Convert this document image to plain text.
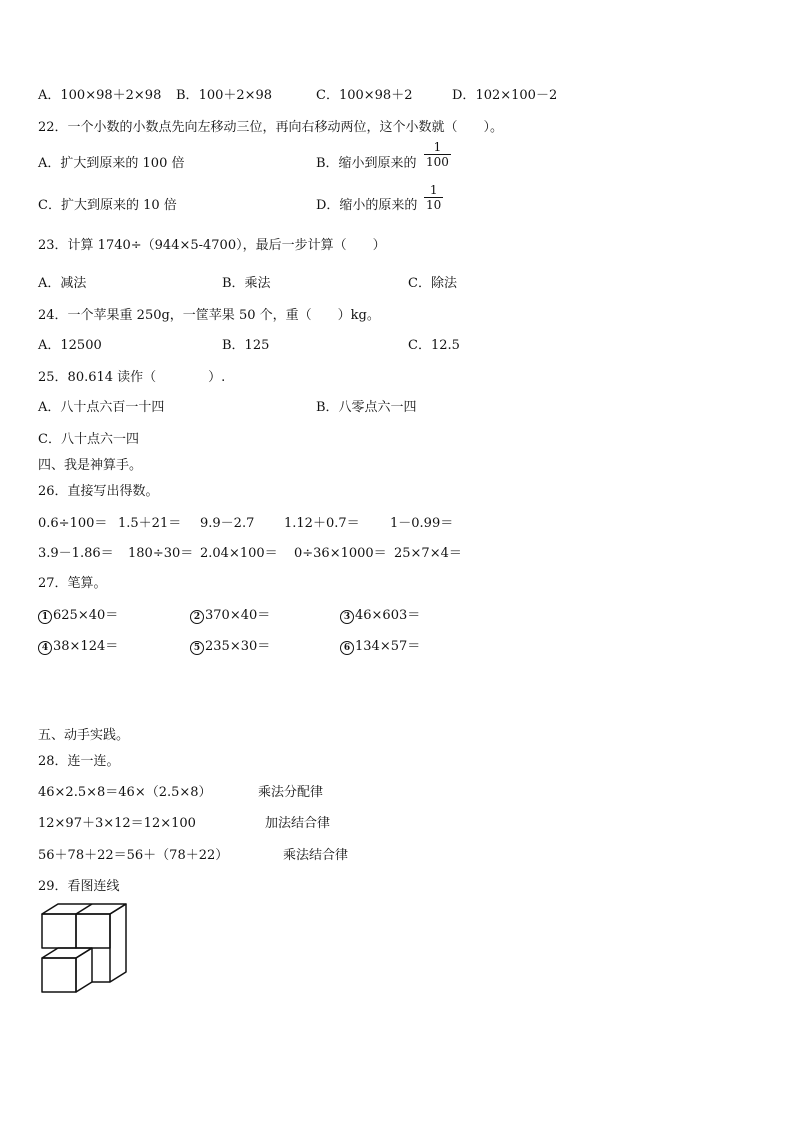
A．100×98＋2×98 B．100＋2×98	C．100×98＋2	D．102×100－2
22．一个小数的小数点先向左移动三位，再向右移动两位，这个小数就（　　）。
A．扩大到原来的 100 倍	B．缩小到原来的
1
100
C．扩大到原来的 10 倍	D．缩小的原来的
1
10
23．计算 1740÷（944×5-4700），最后一步计算（　　）
A．减法	B．乘法	C．除法
24．一个苹果重 250g，一筐苹果 50 个，重（　　）kg。
A．12500	B．125	C．12.5
25．80.614 读作（　　　　）.
A．八十点六百一十四	B．八零点六一四
C．八十点六一四
四、我是神算手。
26．直接写出得数。
0.6÷100＝ 1.5＋21＝ 9.9－2.7 1.12＋0.7＝ 1－0.99＝
3.9－1.86＝ 180÷30＝ 2.04×100＝ 0÷36×1000＝ 25×7×4＝
27．笔算。
1 625×40＝	2 370×40＝	3 46×603＝
4 38×124＝	5 235×30＝	6 134×57＝
五、动手实践。
28．连一连。
46×2.5×8＝46×（2.5×8）	乘法分配律
12×97＋3×12＝12×100	加法结合律
56＋78＋22＝56＋（78＋22）	乘法结合律
29．看图连线
